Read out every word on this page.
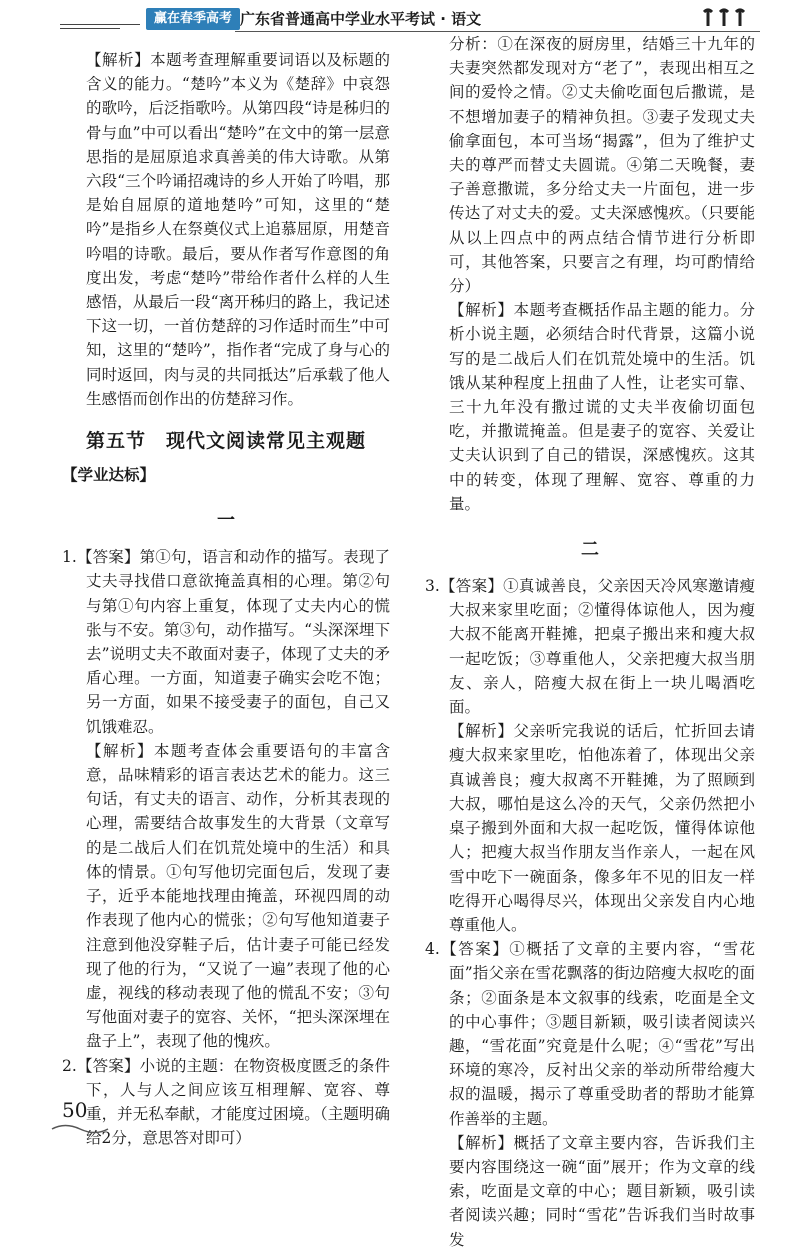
赢在春季高考 广东省普通高中学业水平考试 · 语文

【解析】本题考查理解重要词语以及标题的含义的能力。“楚吟”本义为《楚辞》中哀怨的歌吟，后泛指歌吟。从第四段“诗是秭归的骨与血”中可以看出“楚吟”在文中的第一层意思指的是屈原追求真善美的伟大诗歌。从第六段“三个吟诵招魂诗的乡人开始了吟唱，那是始自屈原的道地楚吟”可知，这里的“楚吟”是指乡人在祭奠仪式上追慕屈原，用楚音吟唱的诗歌。最后，要从作者写作意图的角度出发，考虑“楚吟”带给作者什么样的人生感悟，从最后一段“离开秭归的路上，我记述下这一切，一首仿楚辞的习作适时而生”中可知，这里的“楚吟”，指作者“完成了身与心的同时返回，肉与灵的共同抵达”后承载了他人生感悟而创作出的仿楚辞习作。

第五节　现代文阅读常见主观题
【学业达标】
一

1.【答案】第①句，语言和动作的描写。表现了丈夫寻找借口意欲掩盖真相的心理。第②句与第①句内容上重复，体现了丈夫内心的慌张与不安。第③句，动作描写。“头深深埋下去”说明丈夫不敢面对妻子，体现了丈夫的矛盾心理。一方面，知道妻子确实会吃不饱；另一方面，如果不接受妻子的面包，自己又饥饿难忍。

【解析】本题考查体会重要语句的丰富含意，品味精彩的语言表达艺术的能力。这三句话，有丈夫的语言、动作，分析其表现的心理，需要结合故事发生的大背景（文章写的是二战后人们在饥荒处境中的生活）和具体的情景。①句写他切完面包后，发现了妻子，近乎本能地找理由掩盖，环视四周的动作表现了他内心的慌张；②句写他知道妻子注意到他没穿鞋子后，估计妻子可能已经发现了他的行为，“又说了一遍”表现了他的心虚，视线的移动表现了他的慌乱不安；③句写他面对妻子的宽容、关怀，“把头深深埋在盘子上”，表现了他的愧疚。

2.【答案】小说的主题：在物资极度匮乏的条件下，人与人之间应该互相理解、宽容、尊重，并无私奉献，才能度过困境。（主题明确给2分，意思答对即可）

分析：①在深夜的厨房里，结婚三十九年的夫妻突然都发现对方“老了”，表现出相互之间的爱怜之情。②丈夫偷吃面包后撒谎，是不想增加妻子的精神负担。③妻子发现丈夫偷拿面包，本可当场“揭露”，但为了维护丈夫的尊严而替丈夫圆谎。④第二天晚餐，妻子善意撒谎，多分给丈夫一片面包，进一步传达了对丈夫的爱。丈夫深感愧疚。（只要能从以上四点中的两点结合情节进行分析即可，其他答案，只要言之有理，均可酌情给分）

【解析】本题考查概括作品主题的能力。分析小说主题，必须结合时代背景，这篇小说写的是二战后人们在饥荒处境中的生活。饥饿从某种程度上扭曲了人性，让老实可靠、三十九年没有撒过谎的丈夫半夜偷切面包吃，并撒谎掩盖。但是妻子的宽容、关爱让丈夫认识到了自己的错误，深感愧疚。这其中的转变，体现了理解、宽容、尊重的力量。

二

3.【答案】①真诚善良，父亲因天冷风寒邀请瘦大叔来家里吃面；②懂得体谅他人，因为瘦大叔不能离开鞋摊，把桌子搬出来和瘦大叔一起吃饭；③尊重他人，父亲把瘦大叔当朋友、亲人，陪瘦大叔在街上一块儿喝酒吃面。

【解析】父亲听完我说的话后，忙折回去请瘦大叔来家里吃，怕他冻着了，体现出父亲真诚善良；瘦大叔离不开鞋摊，为了照顾到大叔，哪怕是这么冷的天气，父亲仍然把小桌子搬到外面和大叔一起吃饭，懂得体谅他人；把瘦大叔当作朋友当作亲人，一起在风雪中吃下一碗面条，像多年不见的旧友一样吃得开心喝得尽兴，体现出父亲发自内心地尊重他人。

4.【答案】①概括了文章的主要内容，“雪花面”指父亲在雪花飘落的街边陪瘦大叔吃的面条；②面条是本文叙事的线索，吃面是全文的中心事件；③题目新颖，吸引读者阅读兴趣，“雪花面”究竟是什么呢；④“雪花”写出环境的寒冷，反衬出父亲的举动所带给瘦大叔的温暖，揭示了尊重受助者的帮助才能算作善举的主题。

【解析】概括了文章主要内容，告诉我们主要内容围绕这一碗“面”展开；作为文章的线索，吃面是文章的中心；题目新颖，吸引读者阅读兴趣；同时“雪花”告诉我们当时故事发

50
